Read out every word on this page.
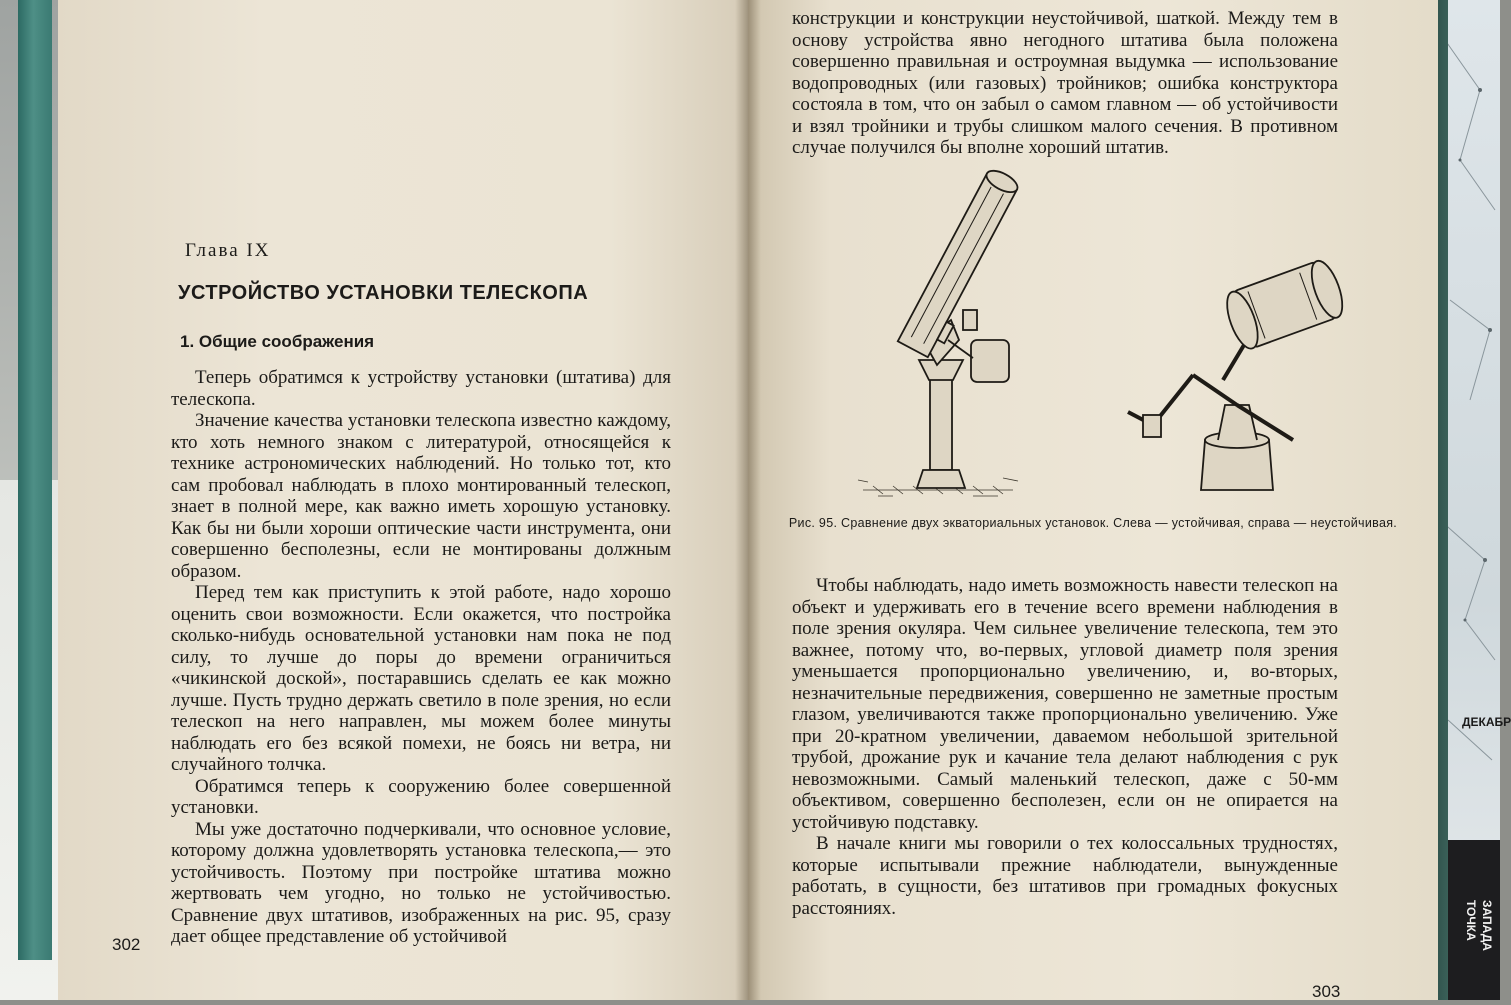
ДЕКАБР
ТОЧКА ЗАПАДА
Глава IX
УСТРОЙСТВО УСТАНОВКИ ТЕЛЕСКОПА
1. Общие соображения

Теперь обратимся к устройству установки (штатива) для телескопа.

Значение качества установки телескопа известно каждому, кто хоть немного знаком с литературой, относящейся к технике астрономических наблюдений. Но только тот, кто сам пробовал наблюдать в плохо монтированный телескоп, знает в полной мере, как важно иметь хорошую установку. Как бы ни были хороши оптические части инструмента, они совершенно бесполезны, если не монтированы должным образом.

Перед тем как приступить к этой работе, надо хорошо оценить свои возможности. Если окажется, что постройка сколько-нибудь основательной установки нам пока не под силу, то лучше до поры до времени ограничиться «чикинской доской», постаравшись сделать ее как можно лучше. Пусть трудно держать светило в поле зрения, но если телескоп на него направлен, мы можем более минуты наблюдать его без всякой помехи, не боясь ни ветра, ни случайного толчка.

Обратимся теперь к сооружению более совершенной установки.

Мы уже достаточно подчеркивали, что основное условие, которому должна удовлетворять установка телескопа,— это устойчивость. Поэтому при постройке штатива можно жертвовать чем угодно, но только не устойчивостью. Сравнение двух штативов, изображенных на рис. 95, сразу дает общее представление об устойчивой

302

конструкции и конструкции неустойчивой, шаткой. Между тем в основу устройства явно негодного штатива была положена совершенно правильная и остроумная выдумка — использование водопроводных (или газовых) тройников; ошибка конструктора состояла в том, что он забыл о самом главном — об устойчивости и взял тройники и трубы слишком малого сечения. В противном случае получился бы вполне хороший штатив.

Рис. 95. Сравнение двух экваториальных установок. Слева — устойчивая, справа — неустойчивая.

Чтобы наблюдать, надо иметь возможность навести телескоп на объект и удерживать его в течение всего времени наблюдения в поле зрения окуляра. Чем сильнее увеличение телескопа, тем это важнее, потому что, во-первых, угловой диаметр поля зрения уменьшается пропорционально увеличению, и, во-вторых, незначительные передвижения, совершенно не заметные простым глазом, увеличиваются также пропорционально увеличению. Уже при 20-кратном увеличении, даваемом небольшой зрительной трубой, дрожание рук и качание тела делают наблюдения с рук невозможными. Самый маленький телескоп, даже с 50-мм объективом, совершенно бесполезен, если он не опирается на устойчивую подставку.

В начале книги мы говорили о тех колоссальных трудностях, которые испытывали прежние наблюдатели, вынужденные работать, в сущности, без штативов при громадных фокусных расстояниях.

303
